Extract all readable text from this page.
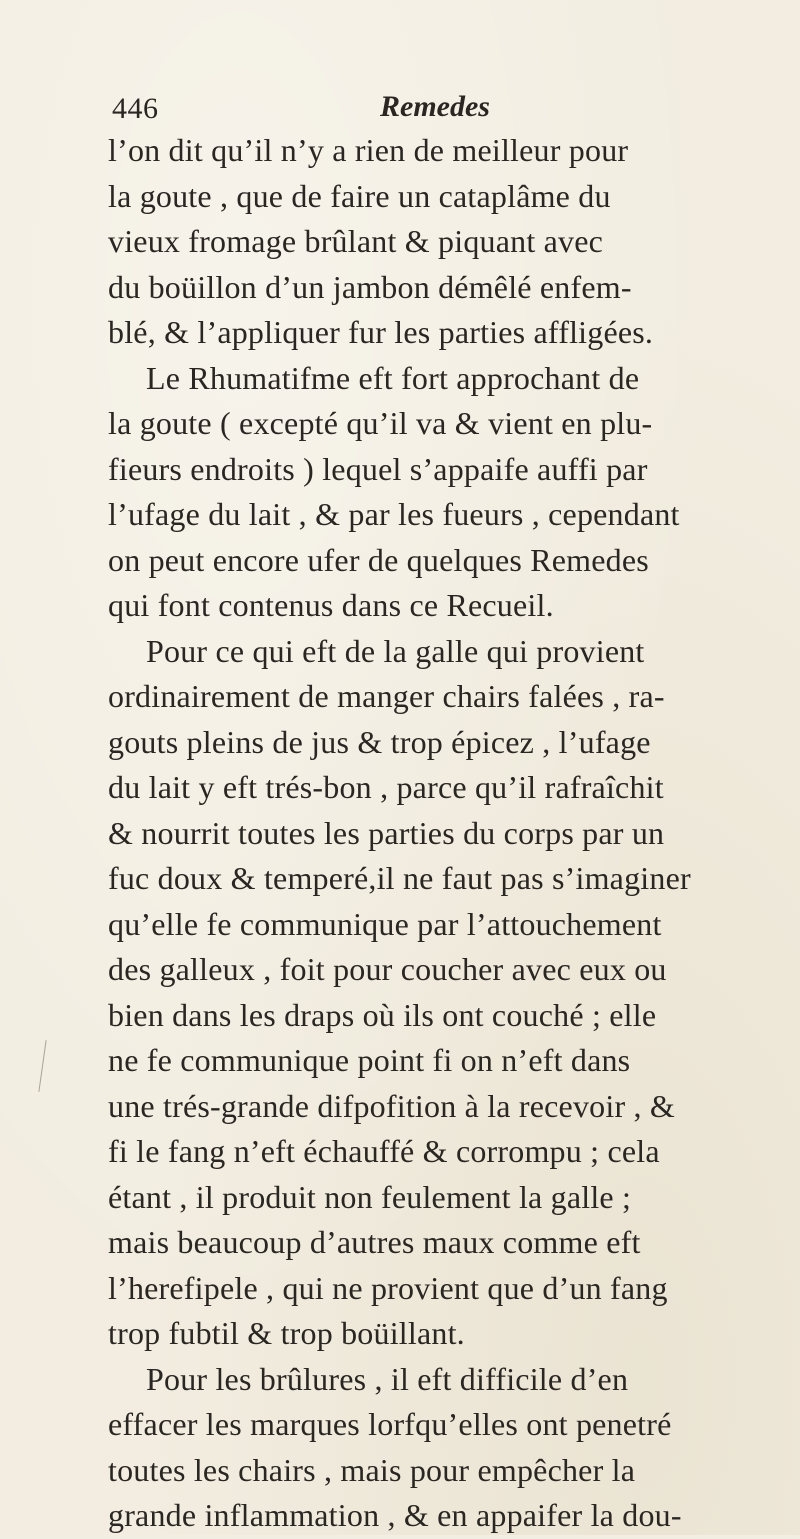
446	Remedes
l’on dit qu’il n’y a rien de meilleur pour
la goute , que de faire un cataplâme du
vieux fromage brûlant & piquant avec
du boüillon d’un jambon démêlé enfem-
blé, & l’appliquer fur les parties affligées.
Le Rhumatifme eft fort approchant de
la goute ( excepté qu’il va & vient en plu-
fieurs endroits ) lequel s’appaife auffi par
l’ufage du lait , & par les fueurs , cependant
on peut encore ufer de quelques Remedes
qui font contenus dans ce Recueil.
Pour ce qui eft de la galle qui provient
ordinairement de manger chairs falées , ra-
gouts pleins de jus & trop épicez , l’ufage
du lait y eft trés-bon , parce qu’il rafraîchit
& nourrit toutes les parties du corps par un
fuc doux & temperé,il ne faut pas s’imaginer
qu’elle fe communique par l’attouchement
des galleux , foit pour coucher avec eux ou
bien dans les draps où ils ont couché ; elle
ne fe communique point fi on n’eft dans
une trés-grande difpofition à la recevoir , &
fi le fang n’eft échauffé & corrompu ; cela
étant , il produit non feulement la galle ;
mais beaucoup d’autres maux comme eft
l’herefipele , qui ne provient que d’un fang
trop fubtil & trop boüillant.
Pour les brûlures , il eft difficile d’en
effacer les marques lorfqu’elles ont penetré
toutes les chairs , mais pour empêcher la
grande inflammation , & en appaifer la dou-
